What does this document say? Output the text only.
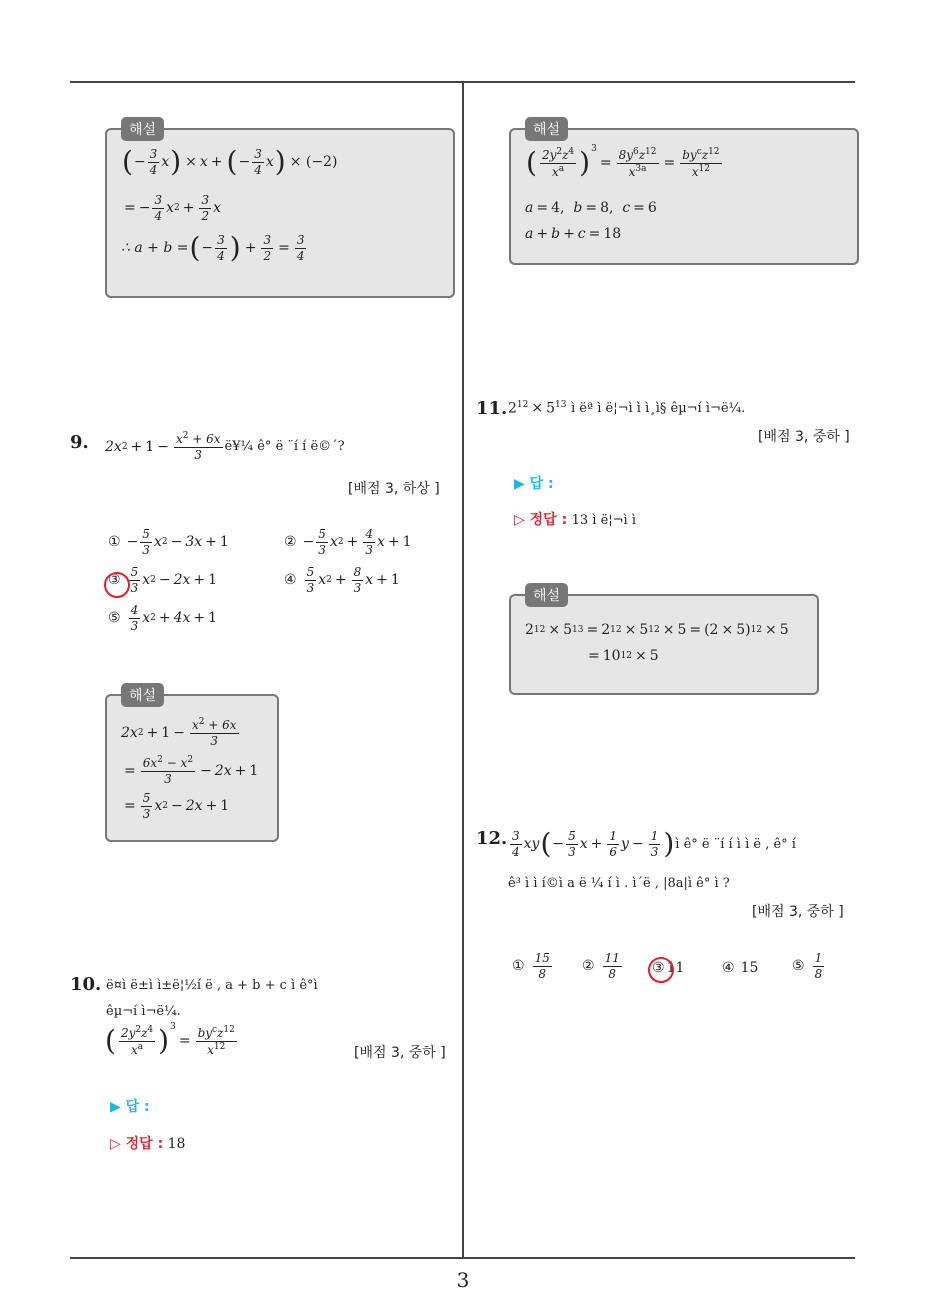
해설
( −
3
4 x ) × x + ( −
3
4 x ) × (−2)
= − $\frac{3}{4}$ x $2 + \frac{3}{2}$ x
∴ a + b = ( −
3
4 ) + $\frac{3}{2} = \frac{3}{4}$
9. 2x $2 + 1 - \frac{x^2 + 6x}{3}$ ë¥¼ ê° ë ¨í í ë©´?
[배점 3, 하상 ]
① −
5
3 x 2 − 3x + 1	② −
5
3 x $2 + \frac{4}{3}$ x + 1
③
5
3 x 2 − 2x + 1	④
5
3 x $2 + \frac{8}{3}$ x + 1
⑤
4
3 x 2 + 4x + 1
해설
2x $2 + 1 - \frac{x^2 + 6x}{3}$
= $\frac{6x^2 - x^2}{3} - 2x + 1$
= $\frac{5}{3}$ x 2 − 2x + 1
10. ë¤ì ë±ì ì±ë¦½í ë , a + b + c ì ê°ì
êµ¬í ì¬ë¼.
( $2y^2z^4$
$x^a$ )$^3$
=
$by^cz^{12}$
$x^{12}$	[배점 3, 중하 ]
▶ 답 :
▷ 정답 : 18
해설
( $2y^2z^4$
$x^a$ )$^3$
= $\frac{8y^6z^{12}}{x^{3a}}$ =
$by^cz^{12}$
$x^{12}$
a = 4, b = 8, c = 6
a + b + c = 18
11. $2^{12} \times 5^{13}$
ì ëª ì ë¦¬ì ì ì¸ì§ êµ¬í ì¬ë¼.
[배점 3, 중하 ]
▶ 답 :
▷ 정답 : 13 ì ë¦¬ì ì
해설
2 12 × 5 13 = 2 12 × 5 12 × 5 = (2 × 5) 12 × 5
= 10 12 × 5
12. 3
4 xy ( −
5
3 $x + \frac{1}{6}$ $y - \frac{1}{3}$ ) ì ê° ë ¨í í ì ì ë , ê° í
ê³ ì ì í©ì a ë ¼ í ì . ì´ë , |8a|ì ê° ì ?
[배점 3, 중하 ]
①
15
8	②
11
8	③ 11	④ 15 ⑤
1
8
3
